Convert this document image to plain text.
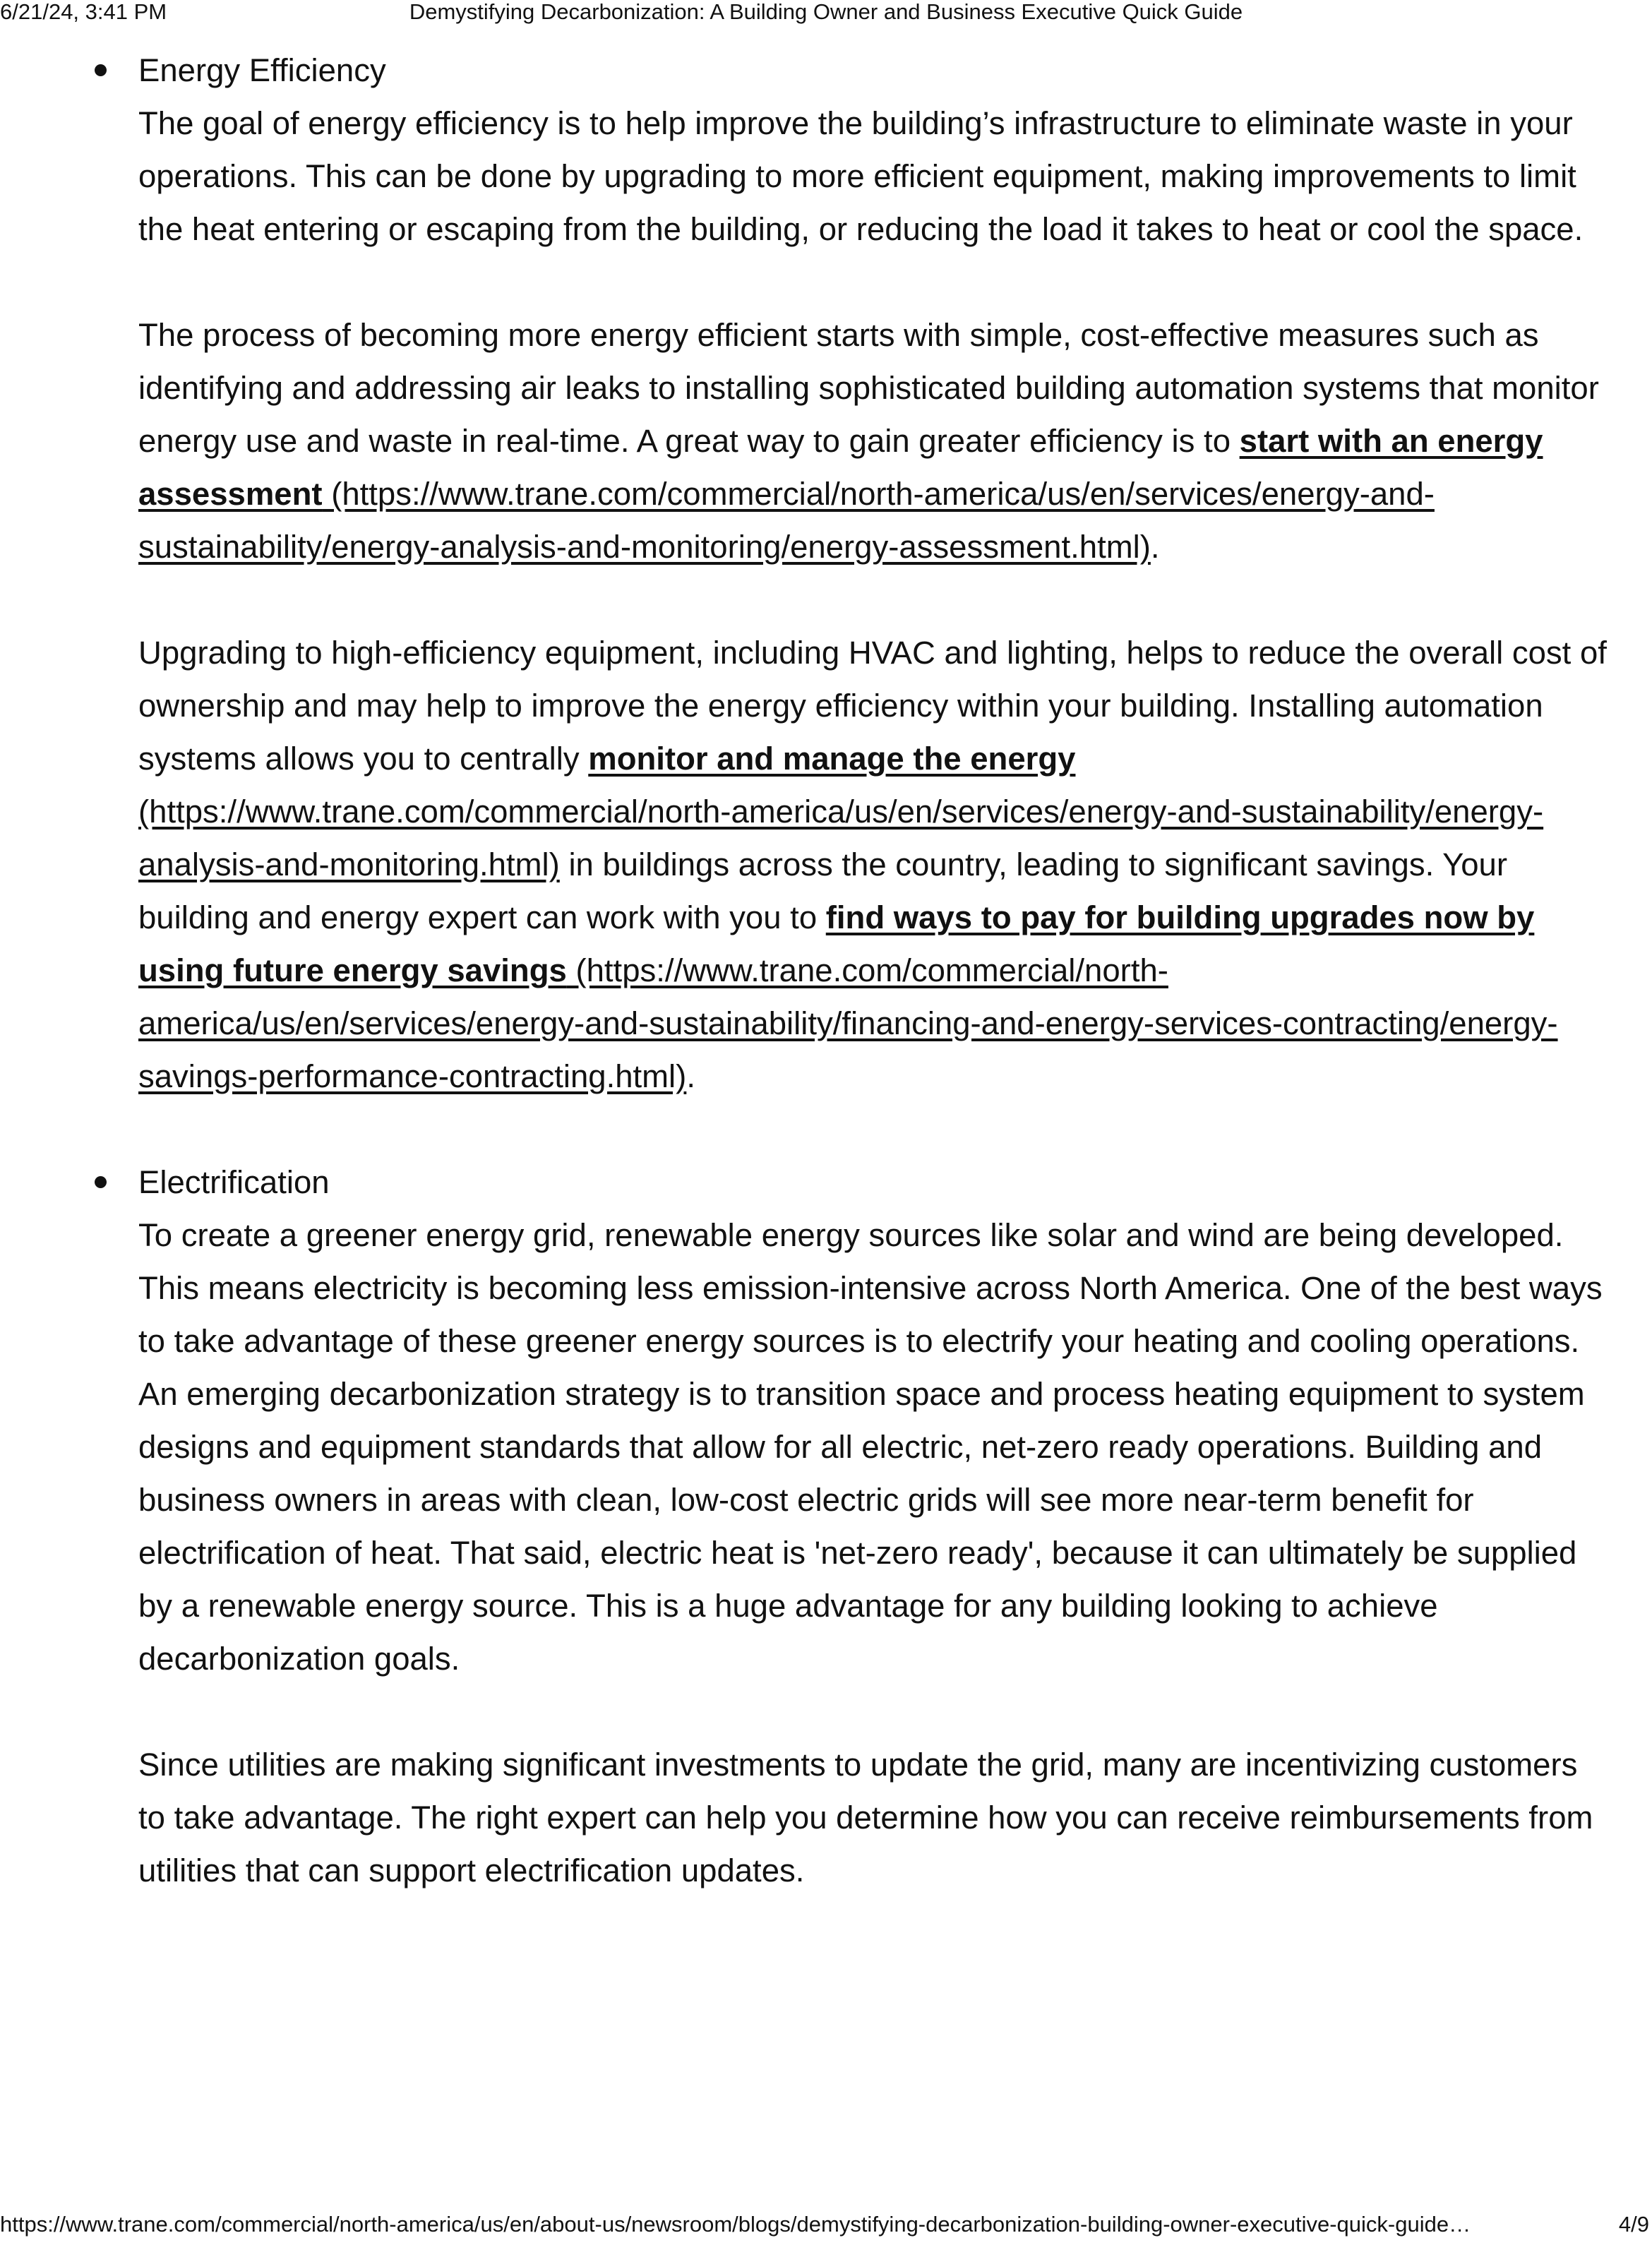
6/21/24, 3:41 PM	Demystifying Decarbonization: A Building Owner and Business Executive Quick Guide

Energy Efficiency

The goal of energy efficiency is to help improve the building’s infrastructure to eliminate waste in your operations. This can be done by upgrading to more efficient equipment, making improvements to limit the heat entering or escaping from the building, or reducing the load it takes to heat or cool the space.

The process of becoming more energy efficient starts with simple, cost-effective measures such as identifying and addressing air leaks to installing sophisticated building automation systems that monitor energy use and waste in real-time. A great way to gain greater efficiency is to start with an energy assessment (https://www.trane.com/commercial/north-america/us/en/services/energy-and-sustainability/energy-analysis-and-monitoring/energy-assessment.html).

Upgrading to high-efficiency equipment, including HVAC and lighting, helps to reduce the overall cost of ownership and may help to improve the energy efficiency within your building. Installing automation systems allows you to centrally monitor and manage the energy (https://www.trane.com/commercial/north-america/us/en/services/energy-and-sustainability/energy-analysis-and-monitoring.html) in buildings across the country, leading to significant savings. Your building and energy expert can work with you to find ways to pay for building upgrades now by using future energy savings (https://www.trane.com/commercial/north-america/us/en/services/energy-and-sustainability/financing-and-energy-services-contracting/energy-savings-performance-contracting.html).

Electrification

To create a greener energy grid, renewable energy sources like solar and wind are being developed. This means electricity is becoming less emission-intensive across North America. One of the best ways to take advantage of these greener energy sources is to electrify your heating and cooling operations. An emerging decarbonization strategy is to transition space and process heating equipment to system designs and equipment standards that allow for all electric, net-zero ready operations. Building and business owners in areas with clean, low-cost electric grids will see more near-term benefit for electrification of heat. That said, electric heat is 'net-zero ready', because it can ultimately be supplied by a renewable energy source. This is a huge advantage for any building looking to achieve decarbonization goals.

Since utilities are making significant investments to update the grid, many are incentivizing customers to take advantage. The right expert can help you determine how you can receive reimbursements from utilities that can support electrification updates.

https://www.trane.com/commercial/north-america/us/en/about-us/newsroom/blogs/demystifying-decarbonization-building-owner-executive-quick-guide…	4/9
